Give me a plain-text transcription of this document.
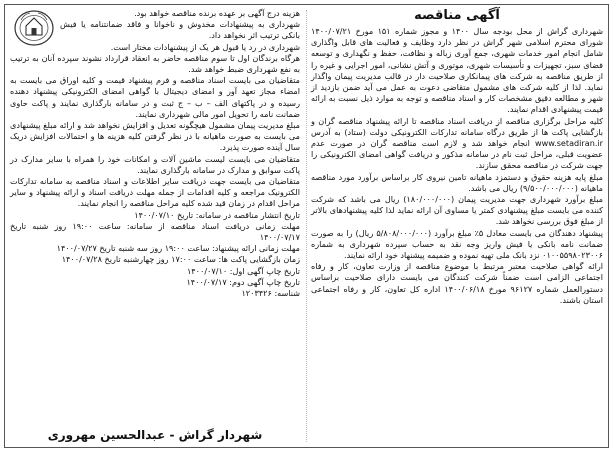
آگهی مناقصه

شهرداری گراش از محل بودجه سال ۱۴۰۰ و مجوز شماره ۱۵۱ مورخ ۱۴۰۰/۰۷/۲۱ شورای محترم اسلامی شهر گراش در نظر دارد وظایف و فعالیت های قابل واگذاری شامل انجام امور خدمات شهری، جمع آوری زباله و نظافت، حفظ و نگهداری و توسعه فضای سبز، تجهیزات و تأسیسات شهری، موتوری و آتش نشانی، امور اجرایی و غیره را از طریق مناقصه به شرکت های پیمانکاری صلاحیت دار در قالب مدیریت پیمان واگذار نماید. لذا از کلیه شرکت های مشمول متقاضی دعوت به عمل می آید ضمن بازدید از شهر و مطالعه دقیق مشخصات کار و اسناد مناقصه و توجه به موارد ذیل نسبت به ارائه قیمت پیشنهادی اقدام نمایند.

کلیه مراحل برگزاری مناقصه از دریافت اسناد مناقصه تا ارائه پیشنهاد مناقصه گران و بازگشایی پاکت ها از طریق درگاه سامانه تدارکات الکترونیکی دولت (ستاد) به آدرس www.setadiran.ir انجام خواهد شد و لازم است مناقصه گران در صورت عدم عضویت قبلی، مراحل ثبت نام در سامانه مذکور و دریافت گواهی امضای الکترونیکی را جهت شرکت در مناقصه محقق سازند.

مبلغ پایه هزینه حقوق و دستمزد ماهیانه تامین نیروی کار براساس برآورد مورد مناقصه ماهیانه (۹/۵۰۰/۰۰۰/۰۰۰) ریال می باشد.

مبلغ برآورد شهرداری جهت مدیریت پیمان (۱۸۰/۰۰۰/۰۰۰) ریال می باشد که شرکت کننده می بایست مبلغ پیشنهادی کمتر یا مساوی آن ارائه نماید لذا کلیه پیشنهادهای بالاتر از مبلغ فوق بررسی نخواهد شد.

پیشنهاد دهندگان می بایست معادل ۵٪ مبلغ برآورد (۵/۸۰۸/۰۰۰/۰۰۰ ریال) را به صورت ضمانت نامه بانکی یا فیش واریز وجه نقد به حساب سپرده شهرداری به شماره ۰۱۰۰۵۵۹۸۰۲۳۰۰۶ نزد بانک ملی تهیه نموده و ضمیمه پیشنهاد خود ارائه نمایند.

ارائه گواهی صلاحیت معتبر مرتبط با موضوع مناقصه از وزارت تعاون، کار و رفاه اجتماعی الزامی است ضمناً شرکت کنندگان می بایست دارای صلاحیت براساس دستورالعمل شماره ۹۶۱۲۷ مورخ ۱۴۰۰/۰۶/۱۸ اداره کل تعاون، کار و رفاه اجتماعی استان باشند.

هزینه درج آگهی بر عهده برنده مناقصه خواهد بود.

شهرداری به پیشنهادات مخدوش و ناخوانا و فاقد ضمانتنامه یا فیش بانکی ترتیب اثر نخواهد داد.

شهرداری در رد یا قبول هر یک از پیشنهادات مختار است.

هرگاه برندگان اول تا سوم مناقصه حاضر به انعقاد قرارداد نشوند سپرده آنان به ترتیب به نفع شهرداری ضبط خواهد شد.

متقاضیان می بایست اسناد مناقصه و فرم پیشنهاد قیمت و کلیه اوراق می بایست به امضاء مجاز تعهد آور و امضای دیجیتال با گواهی امضای الکترونیکی پیشنهاد دهنده رسیده و در پاکتهای الف – ب – ج ثبت و در سامانه بارگذاری نمایند و پاکت حاوی ضمانت نامه را تحویل امور مالی شهرداری نمایند.

مبلغ مدیریت پیمان مشمول هیچگونه تعدیل و افزایش نخواهد شد و ارائه مبلغ پیشنهادی می بایست به صورت ماهیانه با در نظر گرفتن کلیه هزینه ها و احتمالات افزایش دریک سال آینده صورت پذیرد.

متقاضیان می بایست لیست ماشین آلات و امکانات خود را همراه با سایر مدارک در پاکت سوابق و مدارک در سامانه بارگذاری نمایند.

متقاضیان می بایست جهت دریافت سایر اطلاعات و اسناد مناقصه به سامانه تدارکات الکترونیک مراجعه و کلیه اقدامات از جمله مهلت دریافت اسناد و ارائه پیشنهاد و سایر مراحل اقدام در زمان قید شده کلیه مراحل مناقصه را انجام نمایند.

تاریخ انتشار مناقصه در سامانه: تاریخ ۱۴۰۰/۰۷/۱۰

مهلت زمانی دریافت اسناد مناقصه از سامانه: ساعت ۱۹:۰۰ روز شنبه تاریخ ۱۴۰۰/۰۷/۱۷

مهلت زمانی ارائه پیشنهاد: ساعت ۱۹:۰۰ روز سه شنبه تاریخ ۱۴۰۰/۰۷/۲۷

زمان بازگشایی پاکت ها: ساعت ۱۷:۰۰ روز چهارشنبه تاریخ ۱۴۰۰/۰۷/۲۸

تاریخ چاپ آگهی اول: ۱۴۰۰/۰۷/۱۰

تاریخ چاپ آگهی دوم: ۱۴۰۰/۰۷/۱۷

شناسه: ۱۲۰۳۴۲۶

شهردار گراش - عبدالحسین مهروری
